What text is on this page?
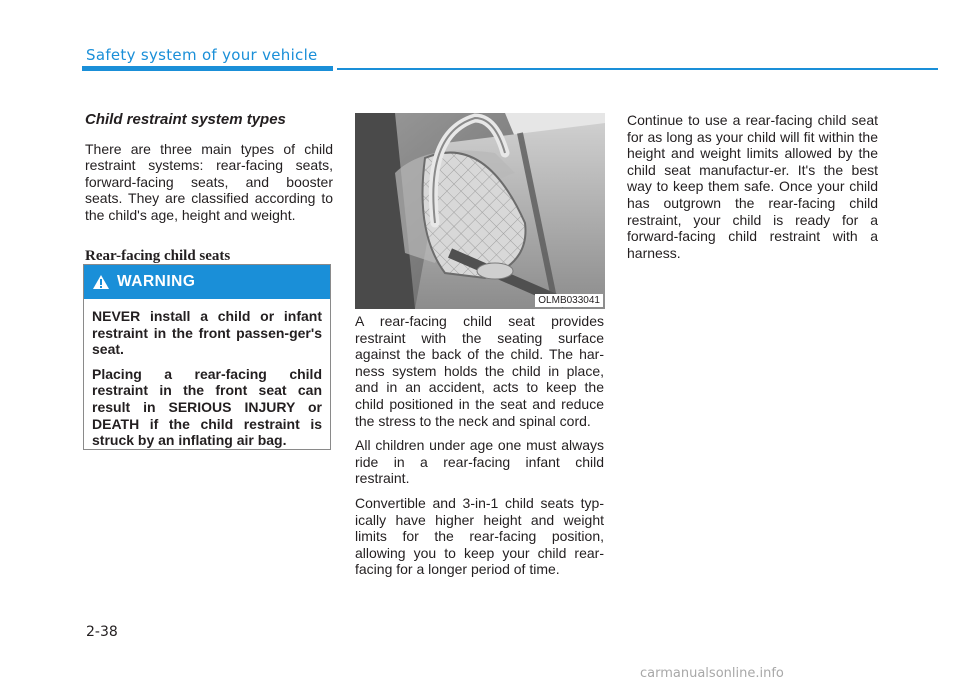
Safety system of your vehicle

Child restraint system types

There are three main types of child restraint systems: rear-facing seats, forward-facing seats, and booster seats. They are classified according to the child's age, height and weight.

Rear-facing child seats

WARNING

NEVER install a child or infant restraint in the front passen-ger's seat.

Placing a rear-facing child restraint in the front seat can result in SERIOUS INJURY or DEATH if the child restraint is struck by an inflating air bag.

OLMB033041

A rear-facing child seat provides restraint with the seating surface against the back of the child. The har-ness system holds the child in place, and in an accident, acts to keep the child positioned in the seat and reduce the stress to the neck and spinal cord.

All children under age one must always ride in a rear-facing infant child restraint.

Convertible and 3-in-1 child seats typ-ically have higher height and weight limits for the rear-facing position, allowing you to keep your child rear-facing for a longer period of time.

Continue to use a rear-facing child seat for as long as your child will fit within the height and weight limits allowed by the child seat manufactur-er. It's the best way to keep them safe. Once your child has outgrown the rear-facing child restraint, your child is ready for a forward-facing child restraint with a harness.

2-38
carmanualsonline.info
